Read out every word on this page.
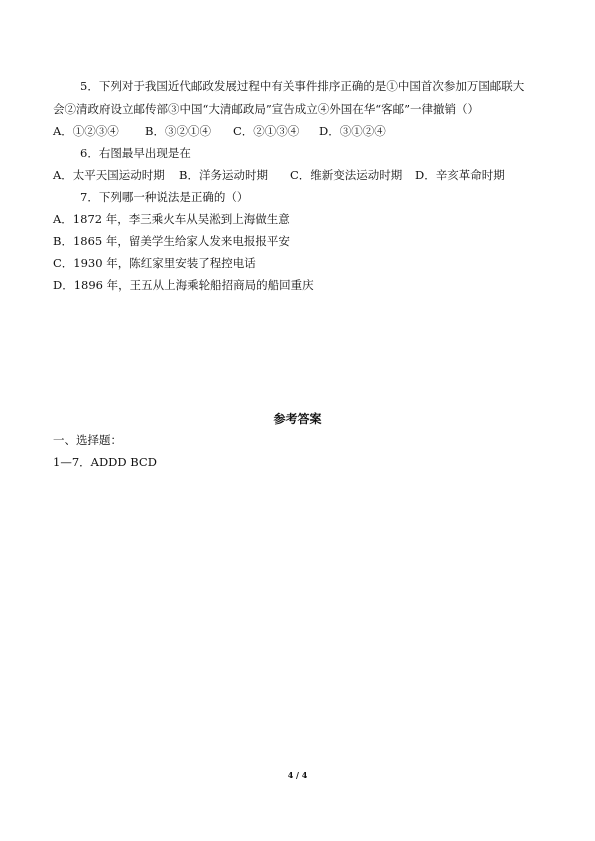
5．下列对于我国近代邮政发展过程中有关事件排序正确的是①中国首次参加万国邮联大
会②清政府设立邮传部③中国“大清邮政局”宣告成立④外国在华“客邮”一律撤销（）
A．①②③④ B．③②①④ C．②①③④ D．③①②④
6．右图最早出现是在
A．太平天国运动时期 B．洋务运动时期 C．维新变法运动时期 D．辛亥革命时期
7．下列哪一种说法是正确的（）
A．1872 年，李三乘火车从吴淞到上海做生意
B．1865 年，留美学生给家人发来电报报平安
C．1930 年，陈红家里安装了程控电话
D．1896 年，王五从上海乘轮船招商局的船回重庆
参考答案
一、选择题：
1—7．ADDD BCD
4 / 4
